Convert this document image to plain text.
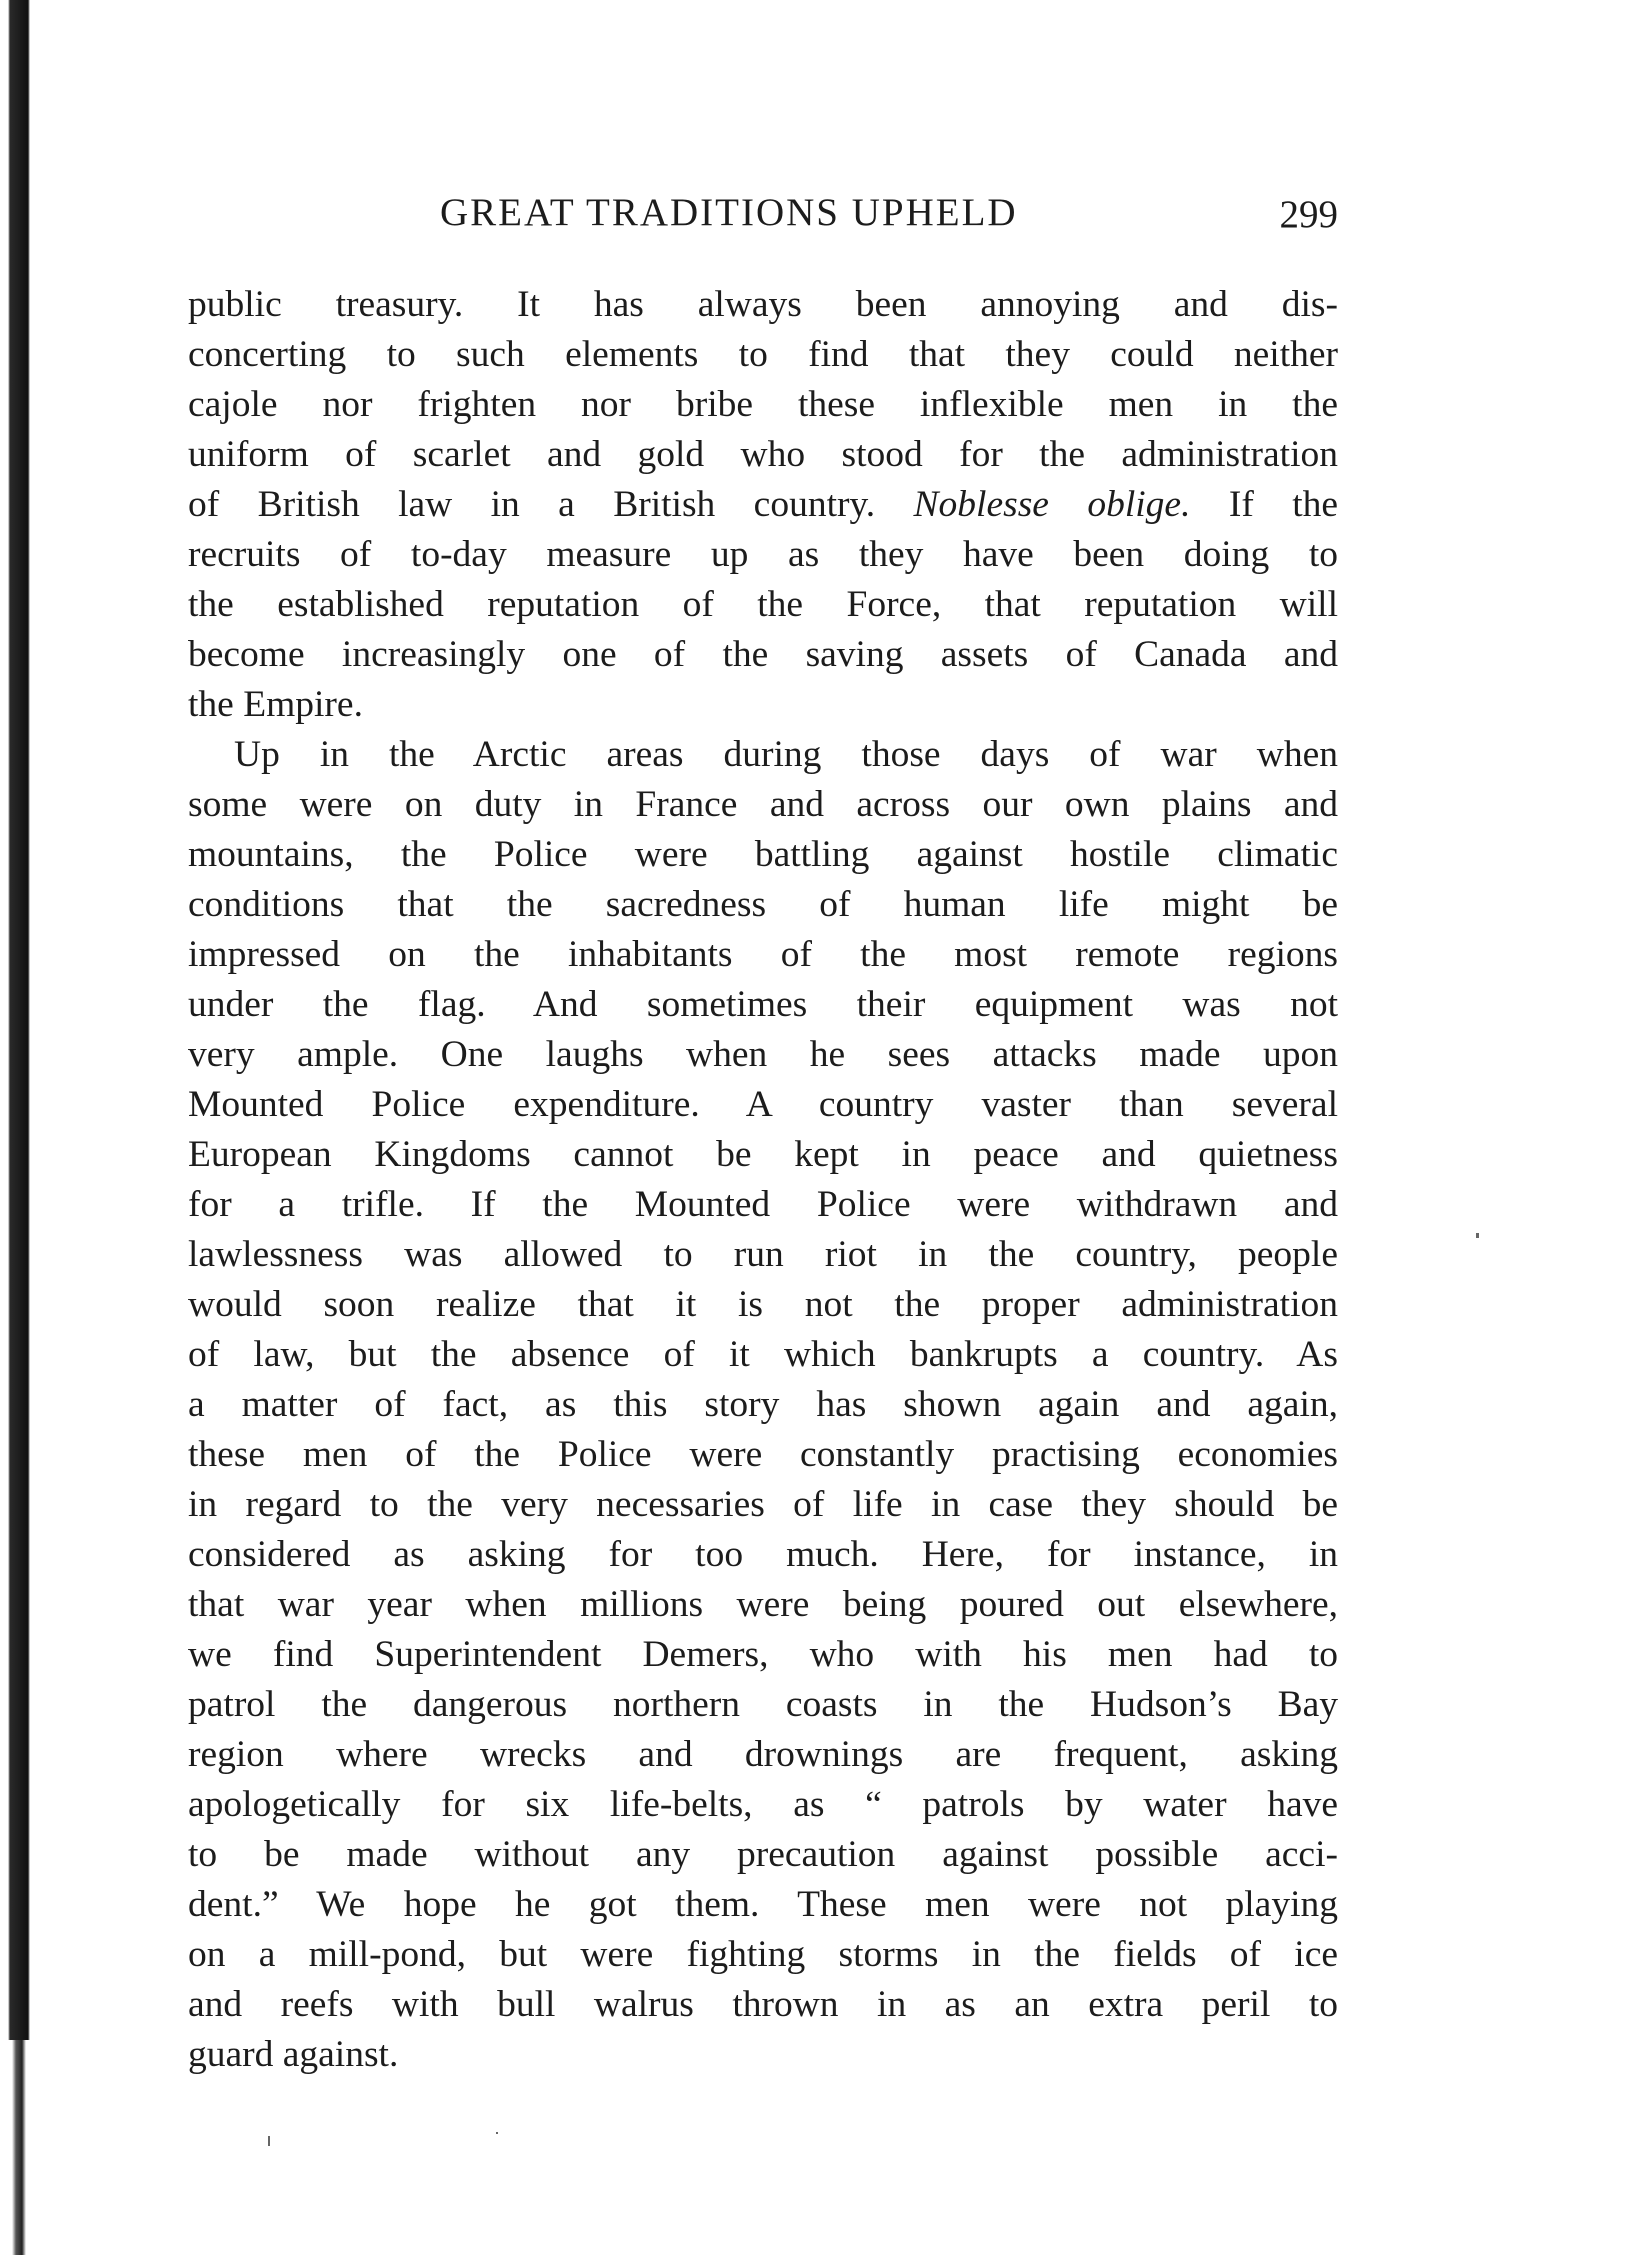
GREAT TRADITIONS UPHELD	299
public treasury. It has always been annoying and dis-
concerting to such elements to find that they could neither
cajole nor frighten nor bribe these inflexible men in the
uniform of scarlet and gold who stood for the administration
of British law in a British country. Noblesse oblige. If the
recruits of to-day measure up as they have been doing to
the established reputation of the Force, that reputation will
become increasingly one of the saving assets of Canada and
the Empire.
Up in the Arctic areas during those days of war when
some were on duty in France and across our own plains and
mountains, the Police were battling against hostile climatic
conditions that the sacredness of human life might be
impressed on the inhabitants of the most remote regions
under the flag. And sometimes their equipment was not
very ample. One laughs when he sees attacks made upon
Mounted Police expenditure. A country vaster than several
European Kingdoms cannot be kept in peace and quietness
for a trifle. If the Mounted Police were withdrawn and
lawlessness was allowed to run riot in the country, people
would soon realize that it is not the proper administration
of law, but the absence of it which bankrupts a country. As
a matter of fact, as this story has shown again and again,
these men of the Police were constantly practising economies
in regard to the very necessaries of life in case they should be
considered as asking for too much. Here, for instance, in
that war year when millions were being poured out elsewhere,
we find Superintendent Demers, who with his men had to
patrol the dangerous northern coasts in the Hudson’s Bay
region where wrecks and drownings are frequent, asking
apologetically for six life-belts, as “ patrols by water have
to be made without any precaution against possible acci-
dent.” We hope he got them. These men were not playing
on a mill-pond, but were fighting storms in the fields of ice
and reefs with bull walrus thrown in as an extra peril to
guard against.
